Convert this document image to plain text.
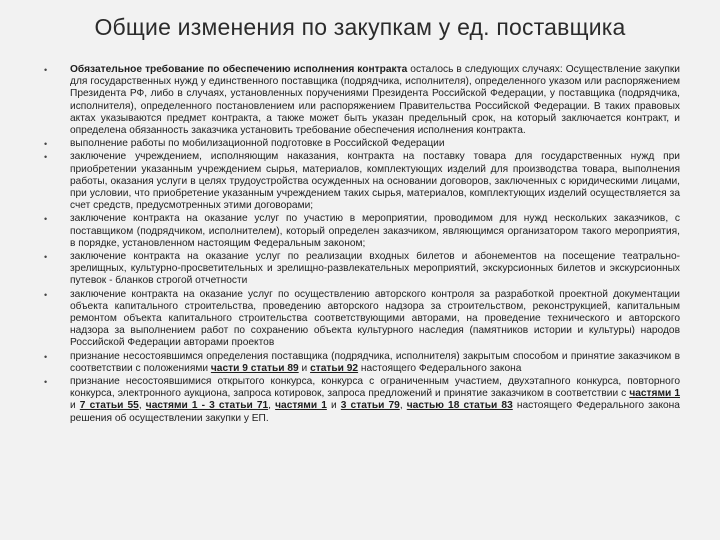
Общие изменения по закупкам у ед. поставщика
• Обязательное требование по обеспечению исполнения контракта осталось в следующих случаях: Осуществление закупки для государственных нужд у единственного поставщика (подрядчика, исполнителя), определенного указом или распоряжением Президента РФ, либо в случаях, установленных поручениями Президента Российской Федерации, у поставщика (подрядчика, исполнителя), определенного постановлением или распоряжением Правительства Российской Федерации. В таких правовых актах указываются предмет контракта, а также может быть указан предельный срок, на который заключается контракт, и определена обязанность заказчика установить требование обеспечения исполнения контракта.
• выполнение работы по мобилизационной подготовке в Российской Федерации
• заключение учреждением, исполняющим наказания, контракта на поставку товара для государственных нужд при приобретении указанным учреждением сырья, материалов, комплектующих изделий для производства товара, выполнения работы, оказания услуги в целях трудоустройства осужденных на основании договоров, заключенных с юридическими лицами, при условии, что приобретение указанным учреждением таких сырья, материалов, комплектующих изделий осуществляется за счет средств, предусмотренных этими договорами;
• заключение контракта на оказание услуг по участию в мероприятии, проводимом для нужд нескольких заказчиков, с поставщиком (подрядчиком, исполнителем), который определен заказчиком, являющимся организатором такого мероприятия, в порядке, установленном настоящим Федеральным законом;
• заключение контракта на оказание услуг по реализации входных билетов и абонементов на посещение театрально-зрелищных, культурно-просветительных и зрелищно-развлекательных мероприятий, экскурсионных билетов и экскурсионных путевок - бланков строгой отчетности
• заключение контракта на оказание услуг по осуществлению авторского контроля за разработкой проектной документации объекта капитального строительства, проведению авторского надзора за строительством, реконструкцией, капитальным ремонтом объекта капитального строительства соответствующими авторами, на проведение технического и авторского надзора за выполнением работ по сохранению объекта культурного наследия (памятников истории и культуры) народов Российской Федерации авторами проектов
• признание несостоявшимся определения поставщика (подрядчика, исполнителя) закрытым способом и принятие заказчиком в соответствии с положениями части 9 статьи 89 и статьи 92 настоящего Федерального закона
• признание несостоявшимися открытого конкурса, конкурса с ограниченным участием, двухэтапного конкурса, повторного конкурса, электронного аукциона, запроса котировок, запроса предложений и принятие заказчиком в соответствии с частями 1 и 7 статьи 55, частями 1 - 3 статьи 71, частями 1 и 3 статьи 79, частью 18 статьи 83 настоящего Федерального закона решения об осуществлении закупки у ЕП.
